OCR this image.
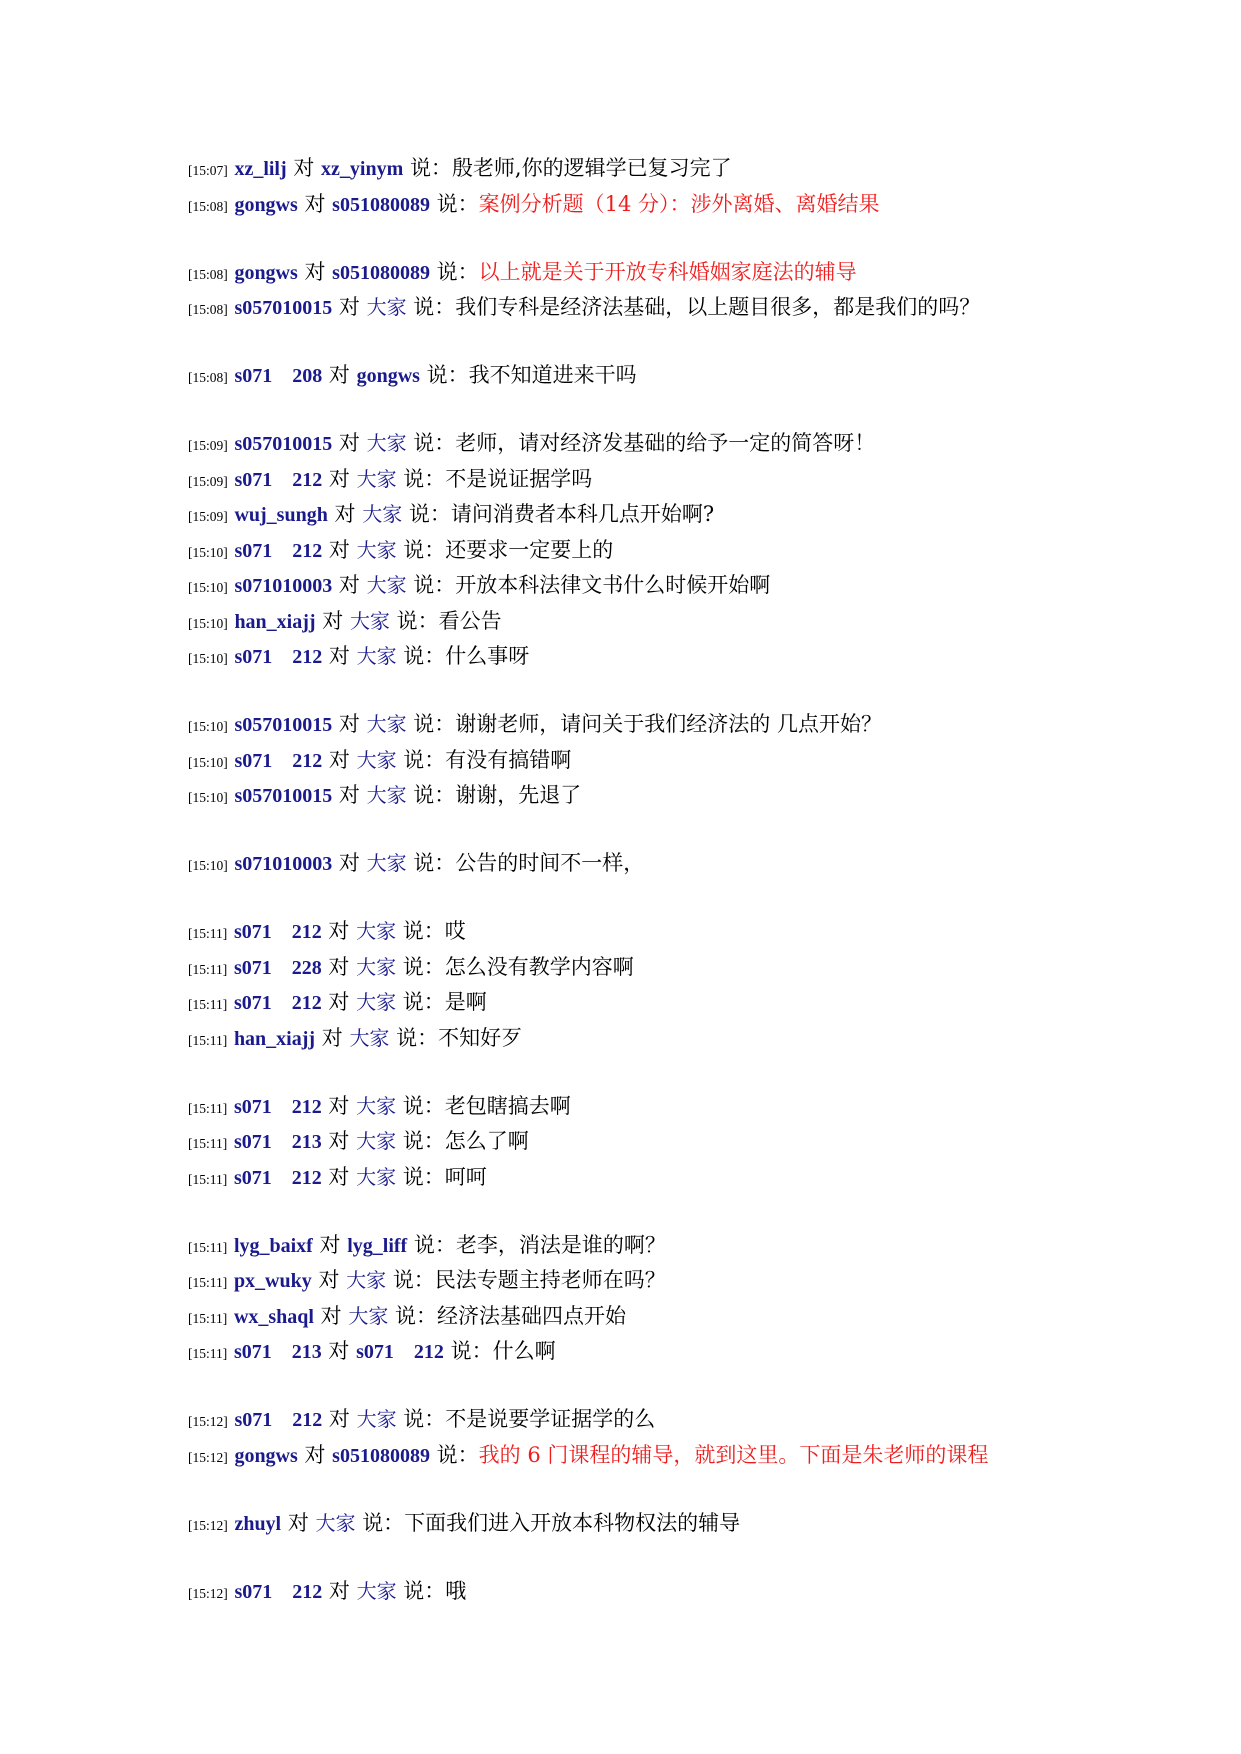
[15:07] xz_lilj 对 xz_yinym 说：殷老师,你的逻辑学已复习完了
[15:08] gongws 对 s051080089 说：案例分析题（14 分）：涉外离婚、离婚结果
[15:08] gongws 对 s051080089 说：以上就是关于开放专科婚姻家庭法的辅导
[15:08] s057010015 对 大家 说：我们专科是经济法基础，以上题目很多，都是我们的吗？
[15:08] s071　208 对 gongws 说：我不知道进来干吗
[15:09] s057010015 对 大家 说：老师，请对经济发基础的给予一定的简答呀！
[15:09] s071　212 对 大家 说：不是说证据学吗
[15:09] wuj_sungh 对 大家 说：请问消费者本科几点开始啊?
[15:10] s071　212 对 大家 说：还要求一定要上的
[15:10] s071010003 对 大家 说：开放本科法律文书什么时候开始啊
[15:10] han_xiajj 对 大家 说：看公告
[15:10] s071　212 对 大家 说：什么事呀
[15:10] s057010015 对 大家 说：谢谢老师，请问关于我们经济法的 几点开始？
[15:10] s071　212 对 大家 说：有没有搞错啊
[15:10] s057010015 对 大家 说：谢谢，先退了
[15:10] s071010003 对 大家 说：公告的时间不一样，
[15:11] s071　212 对 大家 说：哎
[15:11] s071　228 对 大家 说：怎么没有教学内容啊
[15:11] s071　212 对 大家 说：是啊
[15:11] han_xiajj 对 大家 说：不知好歹
[15:11] s071　212 对 大家 说：老包瞎搞去啊
[15:11] s071　213 对 大家 说：怎么了啊
[15:11] s071　212 对 大家 说：呵呵
[15:11] lyg_baixf 对 lyg_liff 说：老李，消法是谁的啊？
[15:11] px_wuky 对 大家 说：民法专题主持老师在吗？
[15:11] wx_shaql 对 大家 说：经济法基础四点开始
[15:11] s071　213 对 s071　212 说：什么啊
[15:12] s071　212 对 大家 说：不是说要学证据学的么
[15:12] gongws 对 s051080089 说：我的 6 门课程的辅导，就到这里。下面是朱老师的课程
[15:12] zhuyl 对 大家 说：下面我们进入开放本科物权法的辅导
[15:12] s071　212 对 大家 说：哦
